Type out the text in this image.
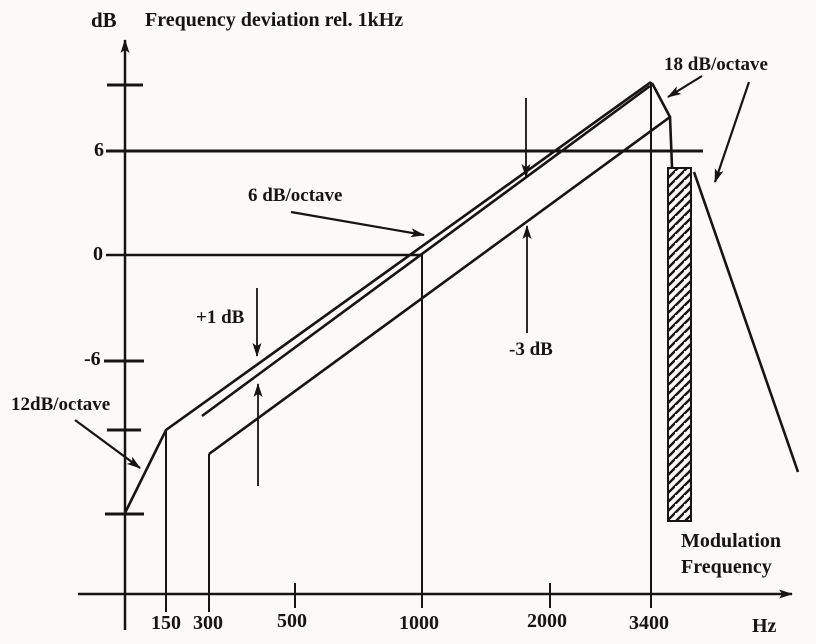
dB Frequency deviation rel. 1kHz
6
0
-6
12dB/octave
6 dB/octave
18 dB/octave
+1 dB
-3 dB
150 300	500	1000	2000	3400
Modulation
Frequency
Hz
